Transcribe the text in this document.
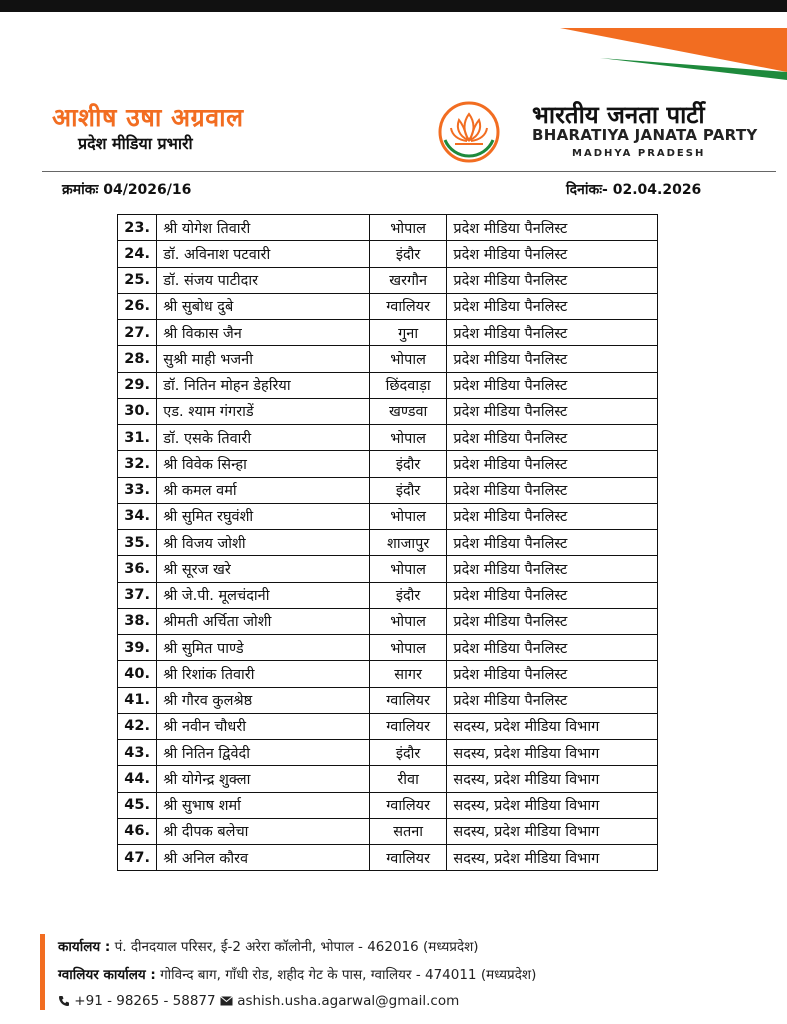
आशीष उषा अग्रवाल
प्रदेश मीडिया प्रभारी
भारतीय जनता पार्टी
BHARATIYA JANATA PARTY
MADHYA PRADESH
क्रमांकः 04/2026/16	दिनांकः- 02.04.2026
23.	श्री योगेश तिवारी	भोपाल	प्रदेश मीडिया पैनलिस्ट
24.	डॉ. अविनाश पटवारी	इंदौर	प्रदेश मीडिया पैनलिस्ट
25.	डॉ. संजय पाटीदार	खरगौन	प्रदेश मीडिया पैनलिस्ट
26.	श्री सुबोध दुबे	ग्वालियर	प्रदेश मीडिया पैनलिस्ट
27.	श्री विकास जैन	गुना	प्रदेश मीडिया पैनलिस्ट
28.	सुश्री माही भजनी	भोपाल	प्रदेश मीडिया पैनलिस्ट
29.	डॉ. नितिन मोहन डेहरिया	छिंदवाड़ा	प्रदेश मीडिया पैनलिस्ट
30.	एड. श्याम गंगराडें	खण्डवा	प्रदेश मीडिया पैनलिस्ट
31.	डॉ. एसके तिवारी	भोपाल	प्रदेश मीडिया पैनलिस्ट
32.	श्री विवेक सिन्हा	इंदौर	प्रदेश मीडिया पैनलिस्ट
33.	श्री कमल वर्मा	इंदौर	प्रदेश मीडिया पैनलिस्ट
34.	श्री सुमित रघुवंशी	भोपाल	प्रदेश मीडिया पैनलिस्ट
35.	श्री विजय जोशी	शाजापुर	प्रदेश मीडिया पैनलिस्ट
36.	श्री सूरज खरे	भोपाल	प्रदेश मीडिया पैनलिस्ट
37.	श्री जे.पी. मूलचंदानी	इंदौर	प्रदेश मीडिया पैनलिस्ट
38.	श्रीमती अर्चिता जोशी	भोपाल	प्रदेश मीडिया पैनलिस्ट
39.	श्री सुमित पाण्डे	भोपाल	प्रदेश मीडिया पैनलिस्ट
40.	श्री रिशांक तिवारी	सागर	प्रदेश मीडिया पैनलिस्ट
41.	श्री गौरव कुलश्रेष्ठ	ग्वालियर	प्रदेश मीडिया पैनलिस्ट
42.	श्री नवीन चौधरी	ग्वालियर	सदस्य, प्रदेश मीडिया विभाग
43.	श्री नितिन द्विवेदी	इंदौर	सदस्य, प्रदेश मीडिया विभाग
44.	श्री योगेन्द्र शुक्ला	रीवा	सदस्य, प्रदेश मीडिया विभाग
45.	श्री सुभाष शर्मा	ग्वालियर	सदस्य, प्रदेश मीडिया विभाग
46.	श्री दीपक बलेचा	सतना	सदस्य, प्रदेश मीडिया विभाग
47.	श्री अनिल कौरव	ग्वालियर	सदस्य, प्रदेश मीडिया विभाग
कार्यालय : पं. दीनदयाल परिसर, ई-2 अरेरा कॉलोनी, भोपाल - 462016 (मध्यप्रदेश)
ग्वालियर कार्यालय : गोविन्द बाग, गाँधी रोड, शहीद गेट के पास, ग्वालियर - 474011 (मध्यप्रदेश)
+91 - 98265 - 58877 ashish.usha.agarwal@gmail.com
